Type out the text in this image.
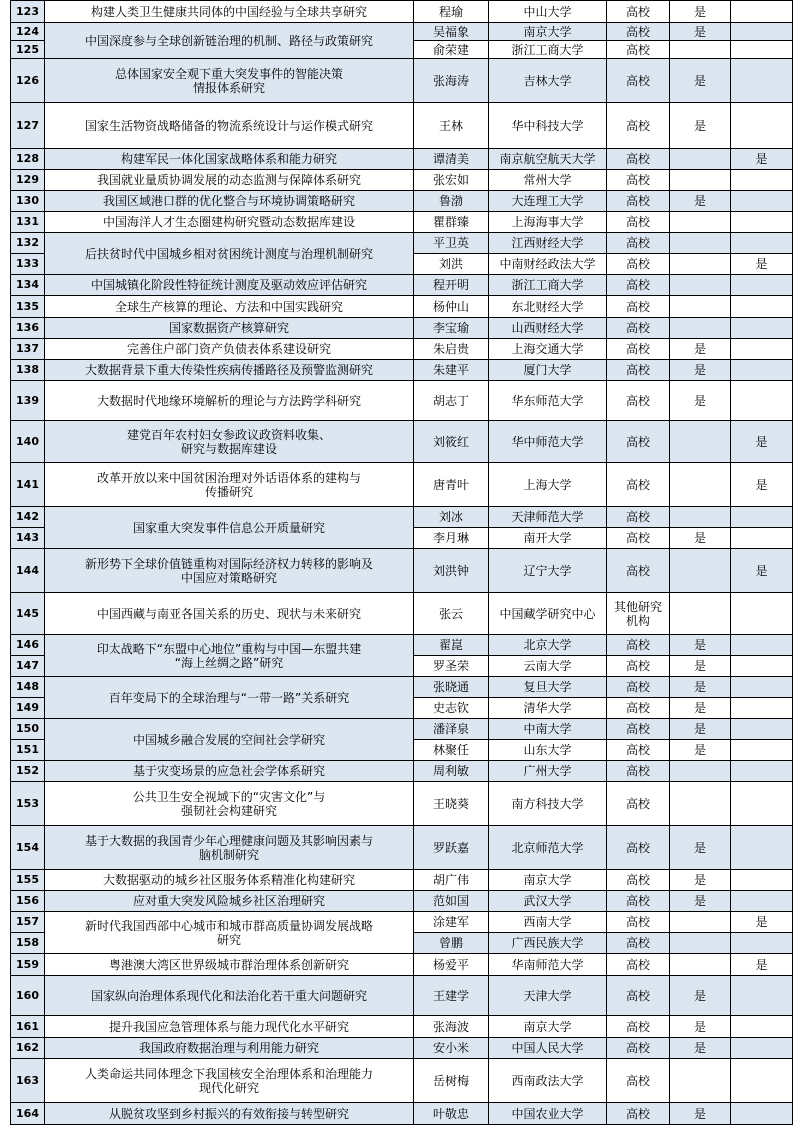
123	构建人类卫生健康共同体的中国经验与全球共享研究	程瑜	中山大学	高校	是	
124	中国深度参与全球创新链治理的机制、路径与政策研究	吴福象	南京大学	高校	是	
125		俞荣建	浙江工商大学	高校		
126	总体国家安全观下重大突发事件的智能决策
情报体系研究	张海涛	吉林大学	高校	是	
127	国家生活物资战略储备的物流系统设计与运作模式研究	王林	华中科技大学	高校	是	
128	构建军民一体化国家战略体系和能力研究	谭清美	南京航空航天大学	高校		是
129	我国就业量质协调发展的动态监测与保障体系研究	张宏如	常州大学	高校		
130	我国区域港口群的优化整合与环境协调策略研究	鲁渤	大连理工大学	高校	是	
131	中国海洋人才生态圈建构研究暨动态数据库建设	瞿群臻	上海海事大学	高校		
132	后扶贫时代中国城乡相对贫困统计测度与治理机制研究	平卫英	江西财经大学	高校		
133		刘洪	中南财经政法大学	高校		是
134	中国城镇化阶段性特征统计测度及驱动效应评估研究	程开明	浙江工商大学	高校		
135	全球生产核算的理论、方法和中国实践研究	杨仲山	东北财经大学	高校		
136	国家数据资产核算研究	李宝瑜	山西财经大学	高校		
137	完善住户部门资产负债表体系建设研究	朱启贵	上海交通大学	高校	是	
138	大数据背景下重大传染性疾病传播路径及预警监测研究	朱建平	厦门大学	高校	是	
139	大数据时代地缘环境解析的理论与方法跨学科研究	胡志丁	华东师范大学	高校	是	
140	建党百年农村妇女参政议政资料收集、
研究与数据库建设	刘筱红	华中师范大学	高校		是
141	改革开放以来中国贫困治理对外话语体系的建构与
传播研究	唐青叶	上海大学	高校		是
142	国家重大突发事件信息公开质量研究	刘冰	天津师范大学	高校		
143		李月琳	南开大学	高校	是	
144	新形势下全球价值链重构对国际经济权力转移的影响及
中国应对策略研究	刘洪钟	辽宁大学	高校		是
145	中国西藏与南亚各国关系的历史、现状与未来研究	张云	中国藏学研究中心	其他研究机构		
146	印太战略下“东盟中心地位”重构与中国—东盟共建
“海上丝绸之路”研究	翟崑	北京大学	高校	是	
147		罗圣荣	云南大学	高校	是	
148	百年变局下的全球治理与“一带一路”关系研究	张晓通	复旦大学	高校	是	
149		史志钦	清华大学	高校	是	
150	中国城乡融合发展的空间社会学研究	潘泽泉	中南大学	高校	是	
151		林聚任	山东大学	高校	是	
152	基于灾变场景的应急社会学体系研究	周利敏	广州大学	高校		
153	公共卫生安全视域下的“灾害文化”与
强韧社会构建研究	王晓葵	南方科技大学	高校		
154	基于大数据的我国青少年心理健康问题及其影响因素与
脑机制研究	罗跃嘉	北京师范大学	高校	是	
155	大数据驱动的城乡社区服务体系精准化构建研究	胡广伟	南京大学	高校	是	
156	应对重大突发风险城乡社区治理研究	范如国	武汉大学	高校	是	
157	新时代我国西部中心城市和城市群高质量协调发展战略
研究	涂建军	西南大学	高校		是
158		曾鹏	广西民族大学	高校		
159	粤港澳大湾区世界级城市群治理体系创新研究	杨爱平	华南师范大学	高校		是
160	国家纵向治理体系现代化和法治化若干重大问题研究	王建学	天津大学	高校	是	
161	提升我国应急管理体系与能力现代化水平研究	张海波	南京大学	高校	是	
162	我国政府数据治理与利用能力研究	安小米	中国人民大学	高校	是	
163	人类命运共同体理念下我国核安全治理体系和治理能力
现代化研究	岳树梅	西南政法大学	高校		
164	从脱贫攻坚到乡村振兴的有效衔接与转型研究	叶敬忠	中国农业大学	高校	是	
